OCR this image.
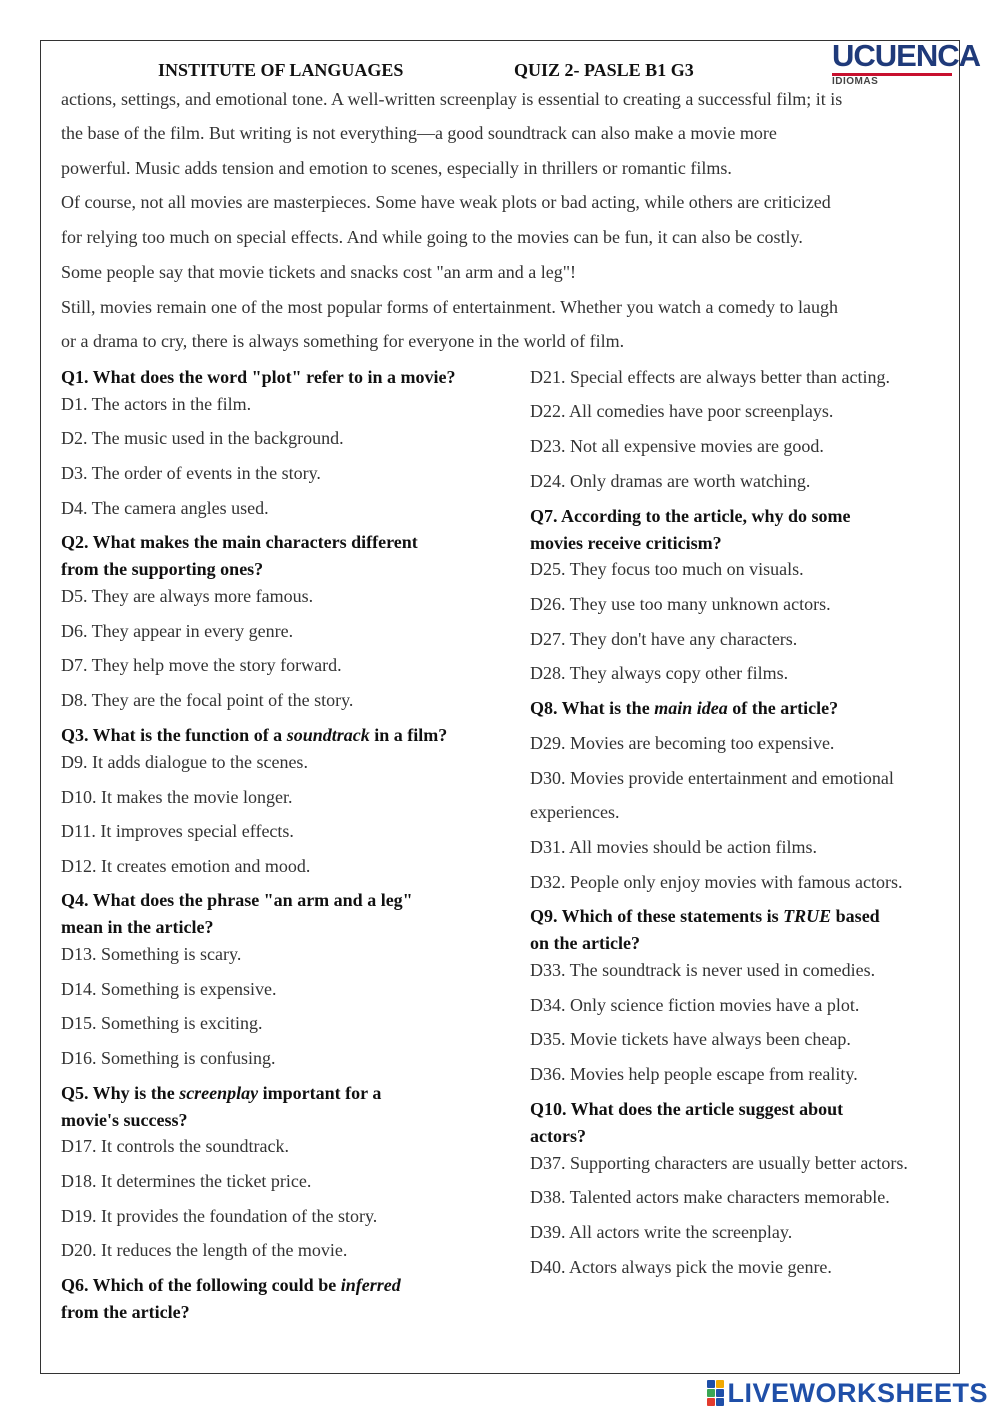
INSTITUTE OF LANGUAGES	QUIZ 2- PASLE B1 G3	UCUENCA
IDIOMAS
actions, settings, and emotional tone. A well-written screenplay is essential to creating a successful film; it is
the base of the film. But writing is not everything—a good soundtrack can also make a movie more
powerful. Music adds tension and emotion to scenes, especially in thrillers or romantic films.
Of course, not all movies are masterpieces. Some have weak plots or bad acting, while others are criticized
for relying too much on special effects. And while going to the movies can be fun, it can also be costly.
Some people say that movie tickets and snacks cost "an arm and a leg"!
Still, movies remain one of the most popular forms of entertainment. Whether you watch a comedy to laugh
or a drama to cry, there is always something for everyone in the world of film.
Q1. What does the word "plot" refer to in a movie?
D1. The actors in the film.
D2. The music used in the background.
D3. The order of events in the story.
D4. The camera angles used.
Q2. What makes the main characters different
from the supporting ones?
D5. They are always more famous.
D6. They appear in every genre.
D7. They help move the story forward.
D8. They are the focal point of the story.
Q3. What is the function of a soundtrack in a film?
D9. It adds dialogue to the scenes.
D10. It makes the movie longer.
D11. It improves special effects.
D12. It creates emotion and mood.
Q4. What does the phrase "an arm and a leg"
mean in the article?
D13. Something is scary.
D14. Something is expensive.
D15. Something is exciting.
D16. Something is confusing.
Q5. Why is the screenplay important for a
movie's success?
D17. It controls the soundtrack.
D18. It determines the ticket price.
D19. It provides the foundation of the story.
D20. It reduces the length of the movie.
Q6. Which of the following could be inferred
from the article?
D21. Special effects are always better than acting.
D22. All comedies have poor screenplays.
D23. Not all expensive movies are good.
D24. Only dramas are worth watching.
Q7. According to the article, why do some
movies receive criticism?
D25. They focus too much on visuals.
D26. They use too many unknown actors.
D27. They don't have any characters.
D28. They always copy other films.
Q8. What is the main idea of the article?
D29. Movies are becoming too expensive.
D30. Movies provide entertainment and emotional
experiences.
D31. All movies should be action films.
D32. People only enjoy movies with famous actors.
Q9. Which of these statements is TRUE based
on the article?
D33. The soundtrack is never used in comedies.
D34. Only science fiction movies have a plot.
D35. Movie tickets have always been cheap.
D36. Movies help people escape from reality.
Q10. What does the article suggest about
actors?
D37. Supporting characters are usually better actors.
D38. Talented actors make characters memorable.
D39. All actors write the screenplay.
D40. Actors always pick the movie genre.
LIVEWORKSHEETS
